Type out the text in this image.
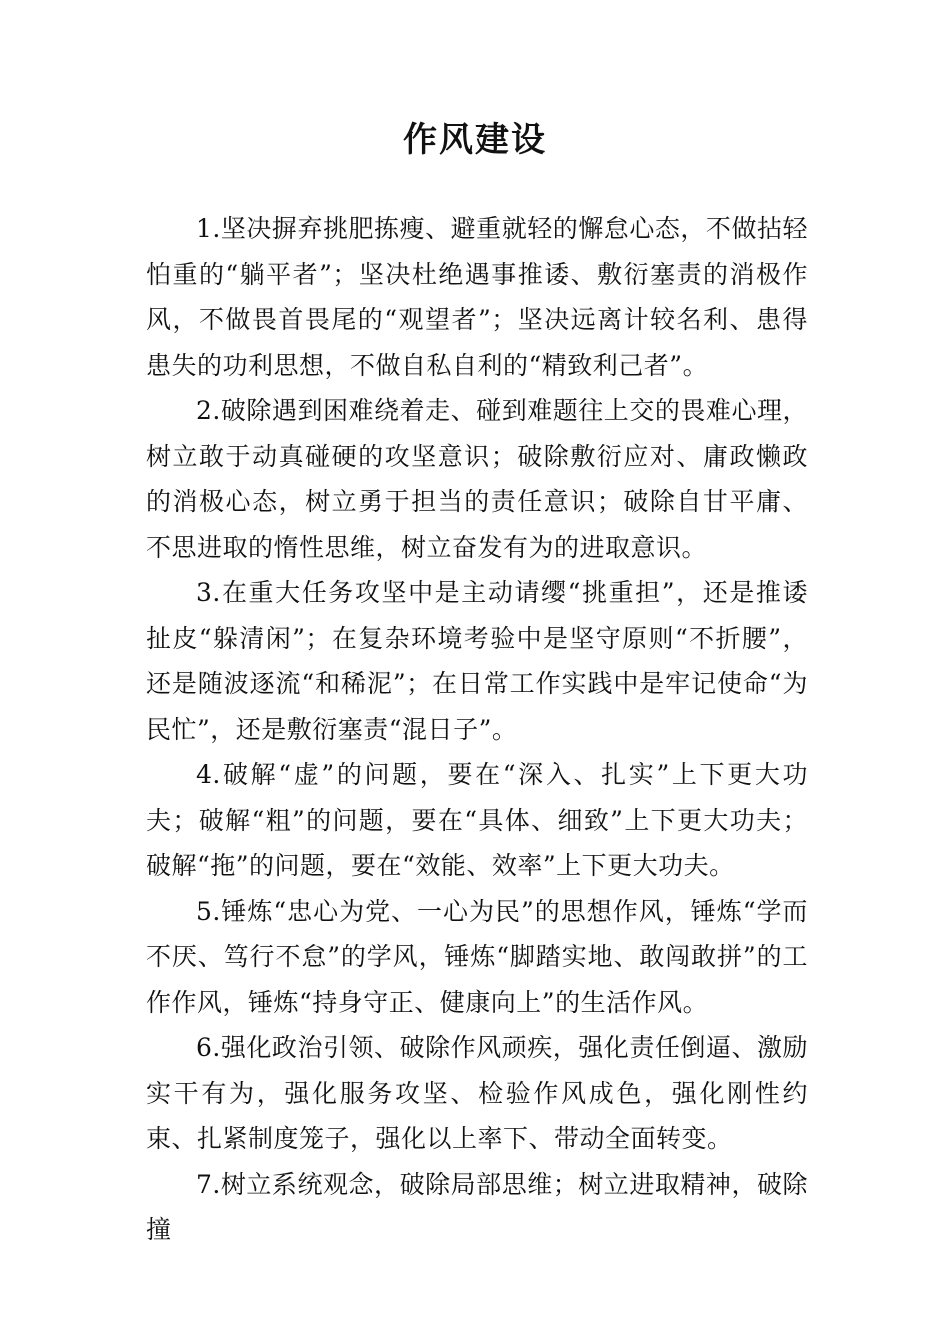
作风建设

1.坚决摒弃挑肥拣瘦、避重就轻的懈怠心态，不做拈轻怕重的“躺平者”；坚决杜绝遇事推诿、敷衍塞责的消极作风，不做畏首畏尾的“观望者”；坚决远离计较名利、患得患失的功利思想，不做自私自利的“精致利己者”。

2.破除遇到困难绕着走、碰到难题往上交的畏难心理，树立敢于动真碰硬的攻坚意识；破除敷衍应对、庸政懒政的消极心态，树立勇于担当的责任意识；破除自甘平庸、不思进取的惰性思维，树立奋发有为的进取意识。

3.在重大任务攻坚中是主动请缨“挑重担”，还是推诿扯皮“躲清闲”；在复杂环境考验中是坚守原则“不折腰”，还是随波逐流“和稀泥”；在日常工作实践中是牢记使命“为民忙”，还是敷衍塞责“混日子”。

4.破解“虚”的问题，要在“深入、扎实”上下更大功夫；破解“粗”的问题，要在“具体、细致”上下更大功夫；破解“拖”的问题，要在“效能、效率”上下更大功夫。

5.锤炼“忠心为党、一心为民”的思想作风，锤炼“学而不厌、笃行不怠”的学风，锤炼“脚踏实地、敢闯敢拼”的工作作风，锤炼“持身守正、健康向上”的生活作风。

6.强化政治引领、破除作风顽疾，强化责任倒逼、激励实干有为，强化服务攻坚、检验作风成色，强化刚性约束、扎紧制度笼子，强化以上率下、带动全面转变。

7.树立系统观念，破除局部思维；树立进取精神，破除撞
